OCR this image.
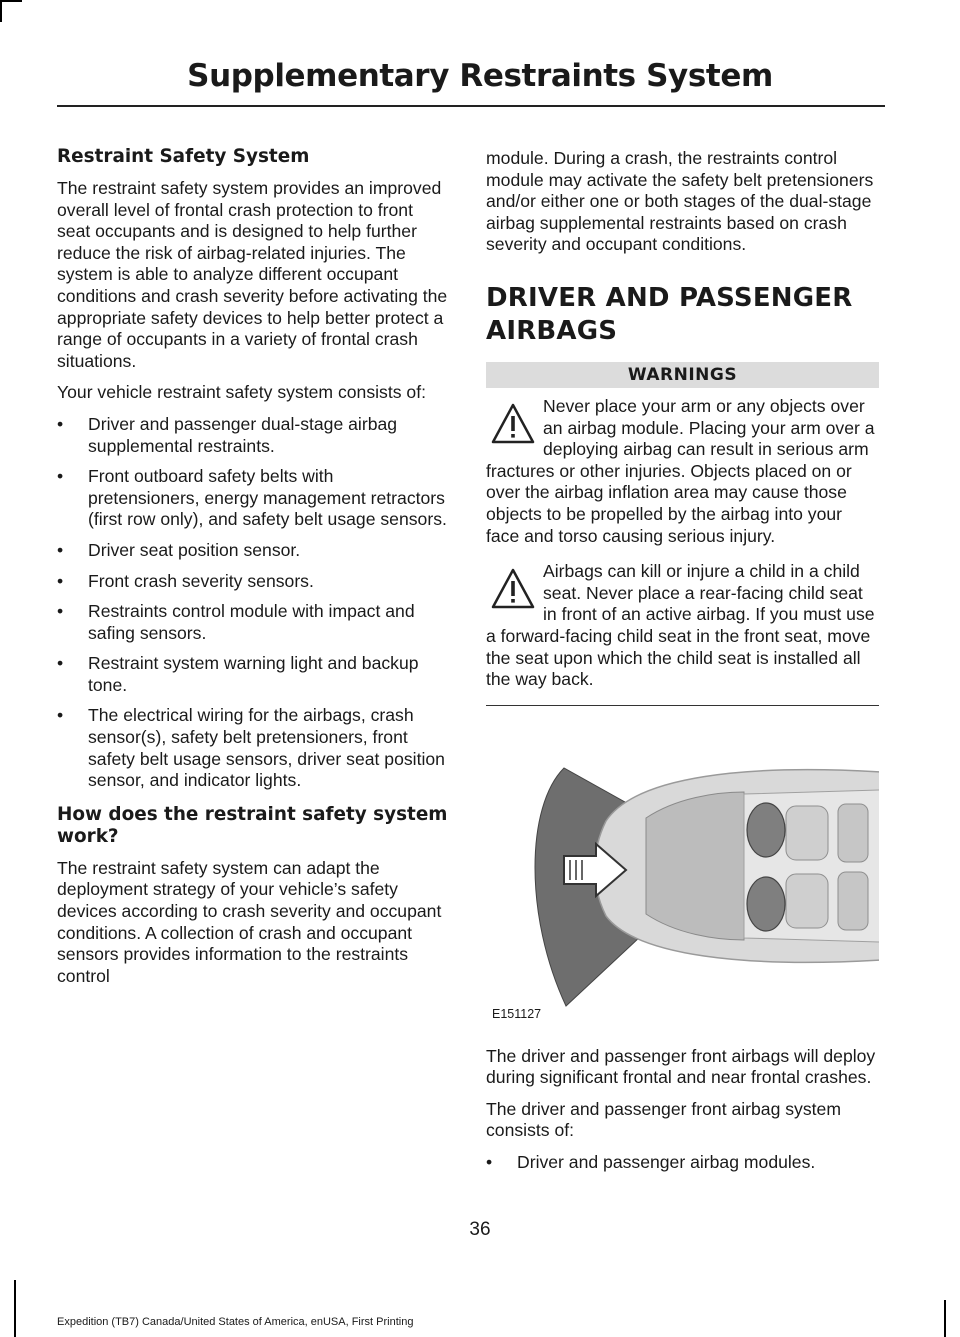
Supplementary Restraints System
Restraint Safety System

The restraint safety system provides an improved overall level of frontal crash protection to front seat occupants and is designed to help further reduce the risk of airbag-related injuries. The system is able to analyze different occupant conditions and crash severity before activating the appropriate safety devices to help better protect a range of occupants in a variety of frontal crash situations.

Your vehicle restraint safety system consists of:

• Driver and passenger dual-stage airbag supplemental restraints.
• Front outboard safety belts with pretensioners, energy management retractors (first row only), and safety belt usage sensors.
• Driver seat position sensor.
• Front crash severity sensors.
• Restraints control module with impact and safing sensors.
• Restraint system warning light and backup tone.
• The electrical wiring for the airbags, crash sensor(s), safety belt pretensioners, front safety belt usage sensors, driver seat position sensor, and indicator lights.
How does the restraint safety system work?

The restraint safety system can adapt the deployment strategy of your vehicle’s safety devices according to crash severity and occupant conditions. A collection of crash and occupant sensors provides information to the restraints control

module. During a crash, the restraints control module may activate the safety belt pretensioners and/or either one or both stages of the dual-stage airbag supplemental restraints based on crash severity and occupant conditions.

DRIVER AND PASSENGER AIRBAGS
WARNINGS
Never place your arm or any objects over an airbag module. Placing your arm over a deploying airbag can result in serious arm fractures or other injuries. Objects placed on or over the airbag inflation area may cause those objects to be propelled by the airbag into your face and torso causing serious injury.
Airbags can kill or injure a child in a child seat. Never place a rear-facing child seat in front of an active airbag. If you must use a forward-facing child seat in the front seat, move the seat upon which the child seat is installed all the way back.
E151127

The driver and passenger front airbags will deploy during significant frontal and near frontal crashes.

The driver and passenger front airbag system consists of:

• Driver and passenger airbag modules.
36
Expedition (TB7) Canada/United States of America, enUSA, First Printing
